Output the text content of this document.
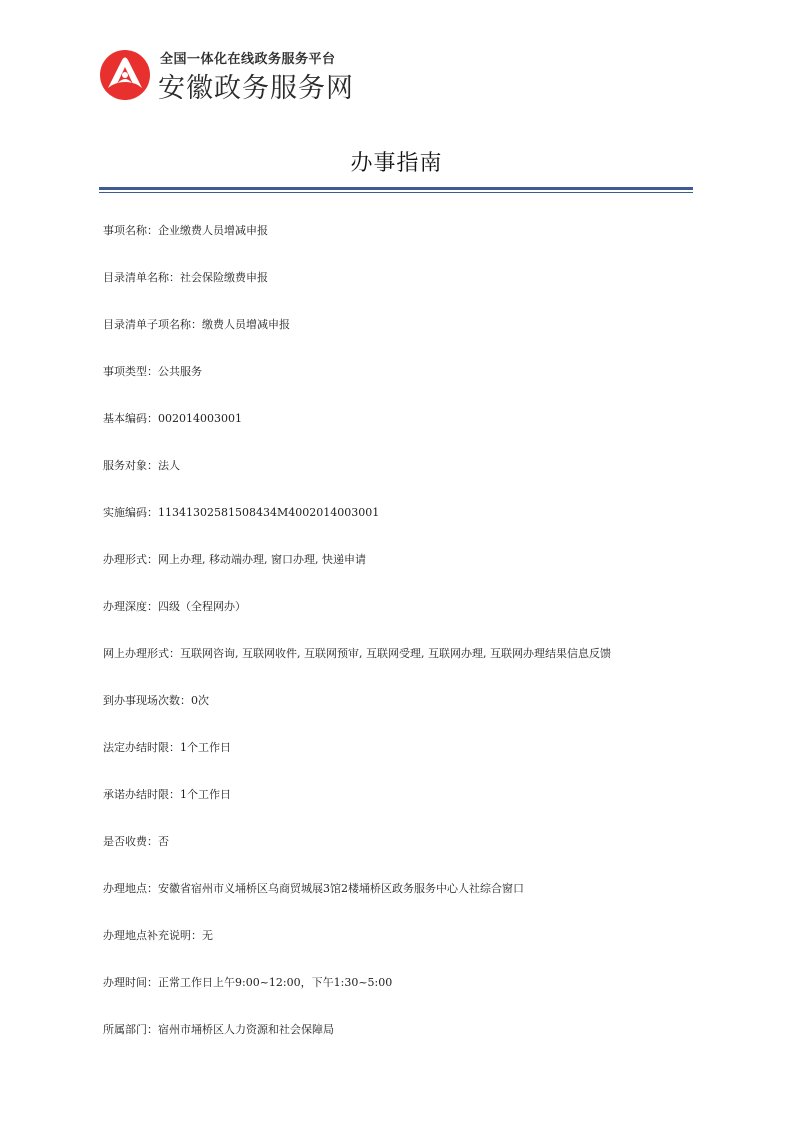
全国一体化在线政务服务平台
安徽政务服务网
办事指南
事项名称：企业缴费人员增减申报
目录清单名称：社会保险缴费申报
目录清单子项名称：缴费人员增减申报
事项类型：公共服务
基本编码：002014003001
服务对象：法人
实施编码：11341302581508434M4002014003001
办理形式：网上办理, 移动端办理, 窗口办理, 快递申请
办理深度：四级（全程网办）
网上办理形式：互联网咨询, 互联网收件, 互联网预审, 互联网受理, 互联网办理, 互联网办理结果信息反馈
到办事现场次数：0次
法定办结时限：1个工作日
承诺办结时限：1个工作日
是否收费：否
办理地点：安徽省宿州市义埇桥区乌商贸城展3馆2楼埇桥区政务服务中心人社综合窗口
办理地点补充说明：无
办理时间：正常工作日上午9:00~12:00，下午1:30~5:00
所属部门：宿州市埇桥区人力资源和社会保障局
